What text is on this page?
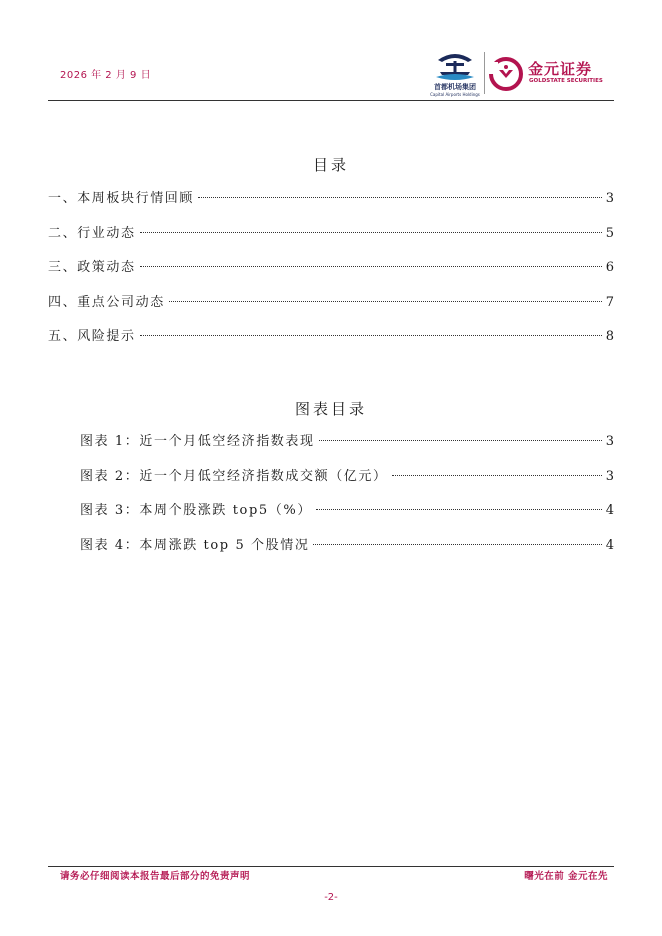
2026 年 2 月 9 日
首都机场集团
Capital Airports Holdings
金元证券
GOLDSTATE SECURITIES
目录
一、本周板块行情回顾	3
二、行业动态	5
三、政策动态	6
四、重点公司动态	7
五、风险提示	8
图表目录
图表 1：近一个月低空经济指数表现	3
图表 2：近一个月低空经济指数成交额（亿元）	3
图表 3：本周个股涨跌 top5（%）	4
图表 4：本周涨跌 top 5 个股情况	4
请务必仔细阅读本报告最后部分的免责声明	曙光在前 金元在先
-2-
